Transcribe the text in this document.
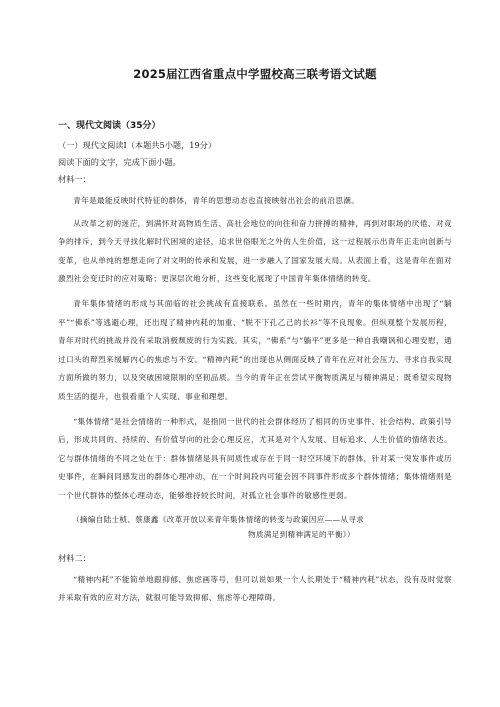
2025届江西省重点中学盟校高三联考语文试题
一、现代文阅读（35分）

（一）现代文阅读Ⅰ（本题共5小题，19分）

阅读下面的文字，完成下面小题。

材料一：

青年是最能反映时代特征的群体，青年的思想动态也直接映射出社会的前沿思潮。

从改革之初的迷茫，到满怀对高物质生活、高社会地位的向往和奋力拼搏的精神，再到对职场的厌倦、对竞争的排斥，到今天寻找化解时代困境的途径，追求世俗眼光之外的人生价值，这一过程展示出青年正走向创新与变革，也从单纯的想想走向了对文明的传承和发展，进一步融入了国家发展大局。从表面上看，这是青年在面对激烈社会变迁时的应对策略；更深层次地分析，这些变化展现了中国青年集体情绪的转变。

青年集体情绪的形成与其面临的社会挑战有直接联系。虽然在一些时期内，青年的集体情绪中出现了“躺平”“佛系”等逃避心理，还出现了精神内耗的加重、“脱不下孔乙己的长衫”等不良现象。但纵观整个发展历程，青年对时代的挑战并没有采取消极颓废的行为实践。其实，“佛系”与“躺平”更多是一种自我嘲讽和心理安慰，通过口头的辩烈来缓解内心的焦虑与不安。“精神内耗”的出现也从侧面反映了青年在应对社会压力、寻求自我实现方面所做的努力，以及突破困境限制的坚韧品质。当今的青年正在尝试平衡物质满足与精神满足；既希望实现物质生活的提升，也很看重个人实现、事业和理想。

“集体情绪”是社会情绪的一种形式，是指同一世代的社会群体经历了相同的历史事件、社会结构、政策引导后，形成共同的、持续的、有价值导向的社会心理反应，尤其是对个人发展、目标追求、人生价值的情绪表达。它与群体情绪的不同之处在于：群体情绪是具有同质性或存在于同一时空环境下的群体，针对某一突发事件或历史事件，在瞬间同感发出的群体心理冲动，在一个时间段内可能会因不同事件形成多个群体情绪；集体情绪则是一个世代群体的整体心理动态，能够维持较长时间，对孤立社会事件的敏感性更弱。

（摘编自陆士桢、蔡康鑫《改革开放以来青年集体情绪的转变与政策因应——从寻求
物质满足到精神满足的平衡》）

材料二：

“精神内耗”不能简单地跟抑郁、焦虑画等号，但可以说如果一个人长期处于“精神内耗”状态，没有及时觉察并采取有效的应对方法，就很可能导致抑郁、焦虑等心理障碍。
